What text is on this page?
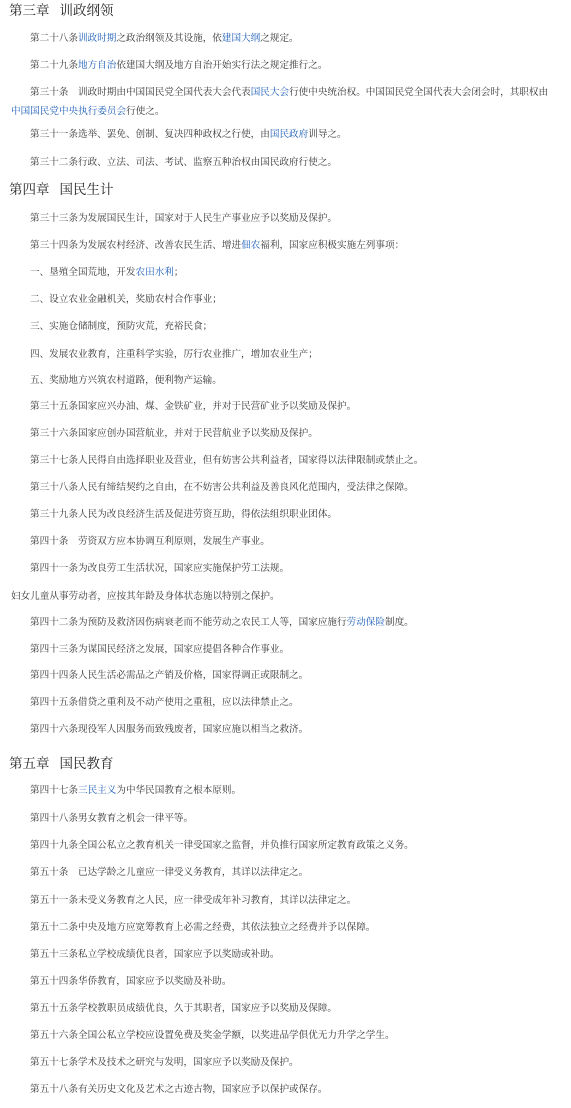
第三章 训政纲领
第二十八条训政时期之政治纲领及其设施，依建国大纲之规定。
第二十九条地方自治依建国大纲及地方自治开始实行法之规定推行之。
第三十条 训政时期由中国国民党全国代表大会代表国民大会行使中央统治权。中国国民党全国代表大会闭会时，其职权由
中国国民党中央执行委员会行使之。
第三十一条选举、罢免、创制、复决四种政权之行使，由国民政府训导之。
第三十二条行政、立法、司法、考试、监察五种治权由国民政府行使之。
第四章 国民生计
第三十三条为发展国民生计，国家对于人民生产事业应予以奖励及保护。
第三十四条为发展农村经济、改善农民生活、增进佃农福利，国家应积极实施左列事项：
一、垦殖全国荒地，开发农田水利；
二、设立农业金融机关，奖励农村合作事业；
三、实施仓储制度，预防灾荒，充裕民食；
四、发展农业教育，注重科学实验，厉行农业推广，增加农业生产；
五、奖励地方兴筑农村道路，便利物产运输。
第三十五条国家应兴办油、煤、金铁矿业，并对于民营矿业予以奖励及保护。
第三十六条国家应创办国营航业，并对于民营航业予以奖励及保护。
第三十七条人民得自由选择职业及营业，但有妨害公共利益者，国家得以法律限制或禁止之。
第三十八条人民有缔结契约之自由，在不妨害公共利益及善良风化范围内，受法律之保障。
第三十九条人民为改良经济生活及促进劳资互助，得依法组织职业团体。
第四十条 劳资双方应本协调互利原则，发展生产事业。
第四十一条为改良劳工生活状况，国家应实施保护劳工法规。
妇女儿童从事劳动者，应按其年龄及身体状态施以特别之保护。
第四十二条为预防及救济因伤病衰老而不能劳动之农民工人等，国家应施行劳动保险制度。
第四十三条为谋国民经济之发展，国家应提倡各种合作事业。
第四十四条人民生活必需品之产销及价格，国家得调正或限制之。
第四十五条借贷之重利及不动产使用之重租，应以法律禁止之。
第四十六条现役军人因服务而致残废者，国家应施以相当之救济。
第五章 国民教育
第四十七条三民主义为中华民国教育之根本原则。
第四十八条男女教育之机会一律平等。
第四十九条全国公私立之教育机关一律受国家之监督，并负推行国家所定教育政策之义务。
第五十条 已达学龄之儿童应一律受义务教育，其详以法律定之。
第五十一条未受义务教育之人民，应一律受成年补习教育，其详以法律定之。
第五十二条中央及地方应宽筹教育上必需之经费，其依法独立之经费并予以保障。
第五十三条私立学校成绩优良者，国家应予以奖励或补助。
第五十四条华侨教育，国家应予以奖励及补助。
第五十五条学校教职员成绩优良，久于其职者，国家应予以奖励及保障。
第五十六条全国公私立学校应设置免费及奖金学额，以奖进品学俱优无力升学之学生。
第五十七条学术及技术之研究与发明，国家应予以奖励及保护。
第五十八条有关历史文化及艺术之古迹古物，国家应予以保护或保存。
